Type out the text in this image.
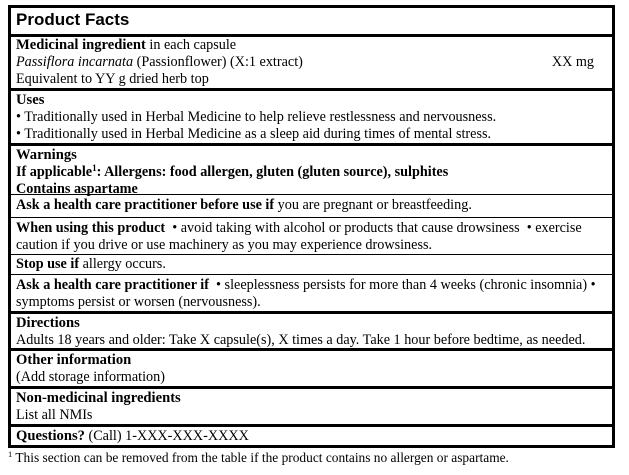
Product Facts
Medicinal ingredient in each capsule
Passiflora incarnata (Passionflower) (X:1 extract)	XX mg
Equivalent to YY g dried herb top
Uses
• Traditionally used in Herbal Medicine to help relieve restlessness and nervousness.
• Traditionally used in Herbal Medicine as a sleep aid during times of mental stress.
Warnings
If applicable$^1$: Allergens: food allergen, gluten (gluten source), sulphites
Contains aspartame
Ask a health care practitioner before use if you are pregnant or breastfeeding.
When using this product  • avoid taking with alcohol or products that cause drowsiness  • exercise caution if you drive or use machinery as you may experience drowsiness.
Stop use if allergy occurs.
Ask a health care practitioner if  • sleeplessness persists for more than 4 weeks (chronic insomnia) • symptoms persist or worsen (nervousness).
Directions
Adults 18 years and older: Take X capsule(s), X times a day. Take 1 hour before bedtime, as needed.
Other information
(Add storage information)
Non-medicinal ingredients
List all NMIs
Questions? (Call) 1-XXX-XXX-XXXX
$^1$ This section can be removed from the table if the product contains no allergen or aspartame.
